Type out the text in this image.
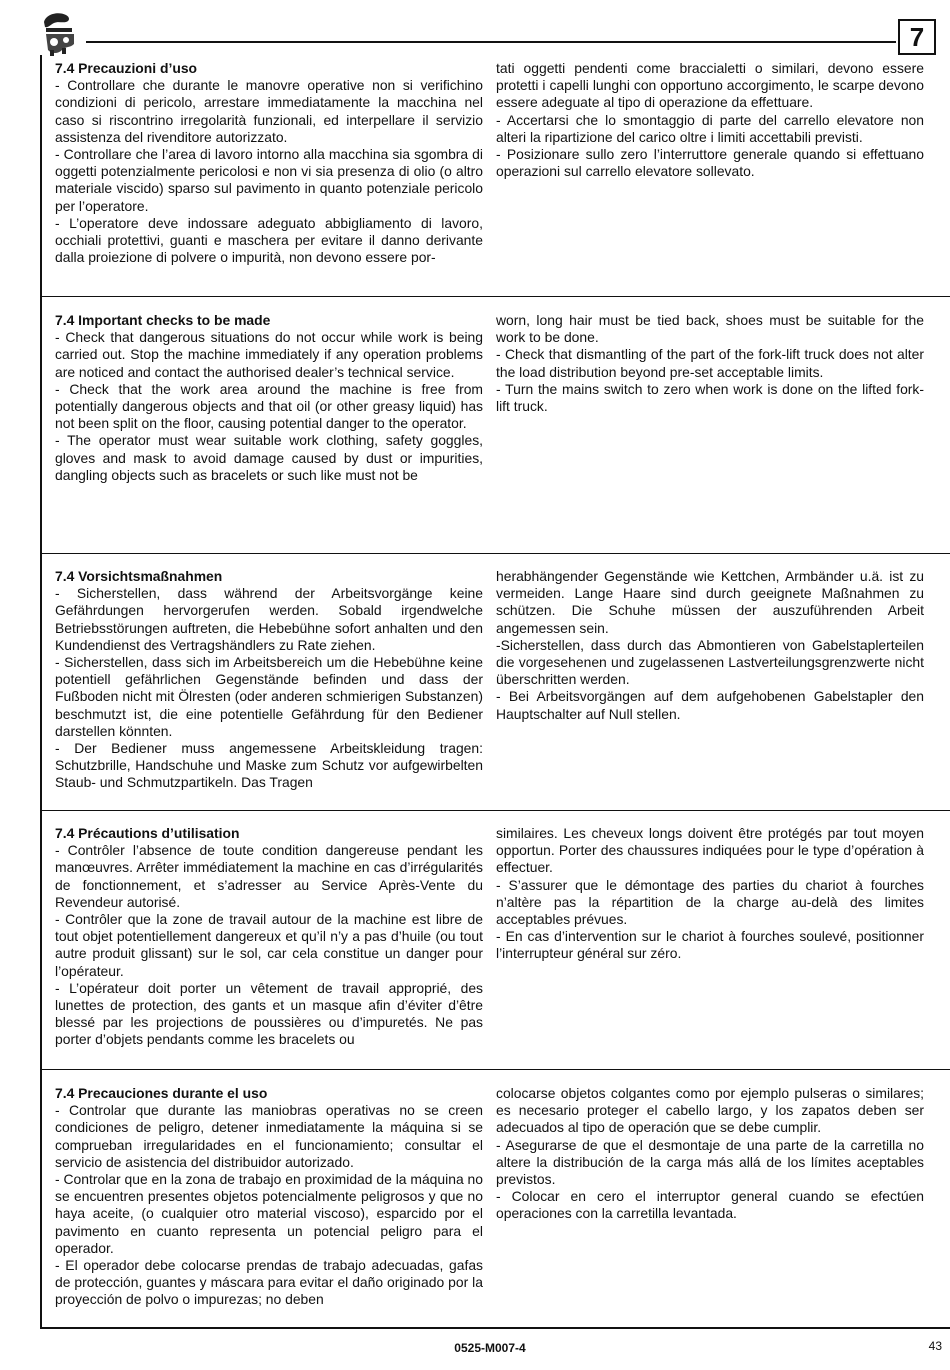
7

7.4 Precauzioni d’uso

- Controllare che durante le manovre operative non si verifichino condizioni di pericolo, arrestare immediatamente la macchina nel caso si riscontrino irregolarità funzionali, ed interpellare il servizio assistenza del rivenditore autorizzato.

- Controllare che l’area di lavoro intorno alla macchina sia sgombra di oggetti potenzialmente pericolosi e non vi sia presenza di olio (o altro materiale viscido) sparso sul pavimento in quanto potenziale pericolo per l’operatore.

- L’operatore deve indossare adeguato abbigliamento di lavoro, occhiali protettivi, guanti e maschera per evitare il danno derivante dalla proiezione di polvere o impurità, non devono essere por-

tati oggetti pendenti come braccialetti o similari, devono essere protetti i capelli lunghi con opportuno accorgimento, le scarpe devono essere adeguate al tipo di operazione da effettuare.

- Accertarsi che lo smontaggio di parte del carrello elevatore non alteri la ripartizione del carico oltre i limiti accettabili previsti.

- Posizionare sullo zero l’interruttore generale quando si effettuano operazioni sul carrello elevatore sollevato.

7.4 Important checks to be made

- Check that dangerous situations do not occur while work is being carried out. Stop the machine immediately if any operation problems are noticed and contact the authorised dealer’s technical service.

- Check that the work area around the machine is free from potentially dangerous objects and that oil (or other greasy liquid) has not been split on the floor, causing potential danger to the operator.

- The operator must wear suitable work clothing, safety goggles, gloves and mask to avoid damage caused by dust or impurities, dangling objects such as bracelets or such like must not be

worn, long hair must be tied back, shoes must be suitable for the work to be done.

- Check that dismantling of the part of the fork-lift truck does not alter the load distribution beyond pre-set acceptable limits.

- Turn the mains switch to zero when work is done on the lifted fork-lift truck.

7.4 Vorsichtsmaßnahmen

- Sicherstellen, dass während der Arbeitsvorgänge keine Gefährdungen hervorgerufen werden. Sobald irgendwelche Betriebsstörungen auftreten, die Hebebühne sofort anhalten und den Kundendienst des Vertragshändlers zu Rate ziehen.

- Sicherstellen, dass sich im Arbeitsbereich um die Hebebühne keine potentiell gefährlichen Gegenstände befinden und dass der Fußboden nicht mit Ölresten (oder anderen schmierigen Substanzen) beschmutzt ist, die eine potentielle Gefährdung für den Bediener darstellen könnten.

- Der Bediener muss angemessene Arbeitskleidung tragen: Schutzbrille, Handschuhe und Maske zum Schutz vor aufgewirbelten Staub- und Schmutzpartikeln. Das Tragen

herabhängender Gegenstände wie Kettchen, Armbänder u.ä. ist zu vermeiden. Lange Haare sind durch geeignete Maßnahmen zu schützen. Die Schuhe müssen der auszuführenden Arbeit angemessen sein.

-Sicherstellen, dass durch das Abmontieren von Gabelstaplerteilen die vorgesehenen und zugelassenen Lastverteilungsgrenzwerte nicht überschritten werden.

- Bei Arbeitsvorgängen auf dem aufgehobenen Gabelstapler den Hauptschalter auf Null stellen.

7.4 Précautions d’utilisation

- Contrôler l’absence de toute condition dangereuse pendant les manœuvres. Arrêter immédiatement la machine en cas d’irrégularités de fonctionnement, et s’adresser au Service Après-Vente du Revendeur autorisé.

- Contrôler que la zone de travail autour de la machine est libre de tout objet potentiellement dangereux et qu’il n’y a pas d’huile (ou tout autre produit glissant) sur le sol, car cela constitue un danger pour l’opérateur.

- L’opérateur doit porter un vêtement de travail approprié, des lunettes de protection, des gants et un masque afin d’éviter d’être blessé par les projections de poussières ou d’impuretés. Ne pas porter d’objets pendants comme les bracelets ou

similaires. Les cheveux longs doivent être protégés par tout moyen opportun. Porter des chaussures indiquées pour le type d’opération à effectuer.

- S’assurer que le démontage des parties du chariot à fourches n’altère pas la répartition de la charge au-delà des limites acceptables prévues.

- En cas d’intervention sur le chariot à fourches soulevé, positionner l’interrupteur général sur zéro.

7.4 Precauciones durante el uso

- Controlar que durante las maniobras operativas no se creen condiciones de peligro, detener inmediatamente la máquina si se comprueban irregularidades en el funcionamiento; consultar el servicio de asistencia del distribuidor autorizado.

- Controlar que en la zona de trabajo en proximidad de la máquina no se encuentren presentes objetos potencialmente peligrosos y que no haya aceite, (o cualquier otro material viscoso), esparcido por el pavimento en cuanto representa un potencial peligro para el operador.

- El operador debe colocarse prendas de trabajo adecuadas, gafas de protección, guantes y máscara para evitar el daño originado por la proyección de polvo o impurezas; no deben

colocarse objetos colgantes como por ejemplo pulseras o similares; es necesario proteger el cabello largo, y los zapatos deben ser adecuados al tipo de operación que se debe cumplir.

- Asegurarse de que el desmontaje de una parte de la carretilla no altere la distribución de la carga más allá de los límites aceptables previstos.

- Colocar en cero el interruptor general cuando se efectúen operaciones con la carretilla levantada.

0525-M007-4	43
